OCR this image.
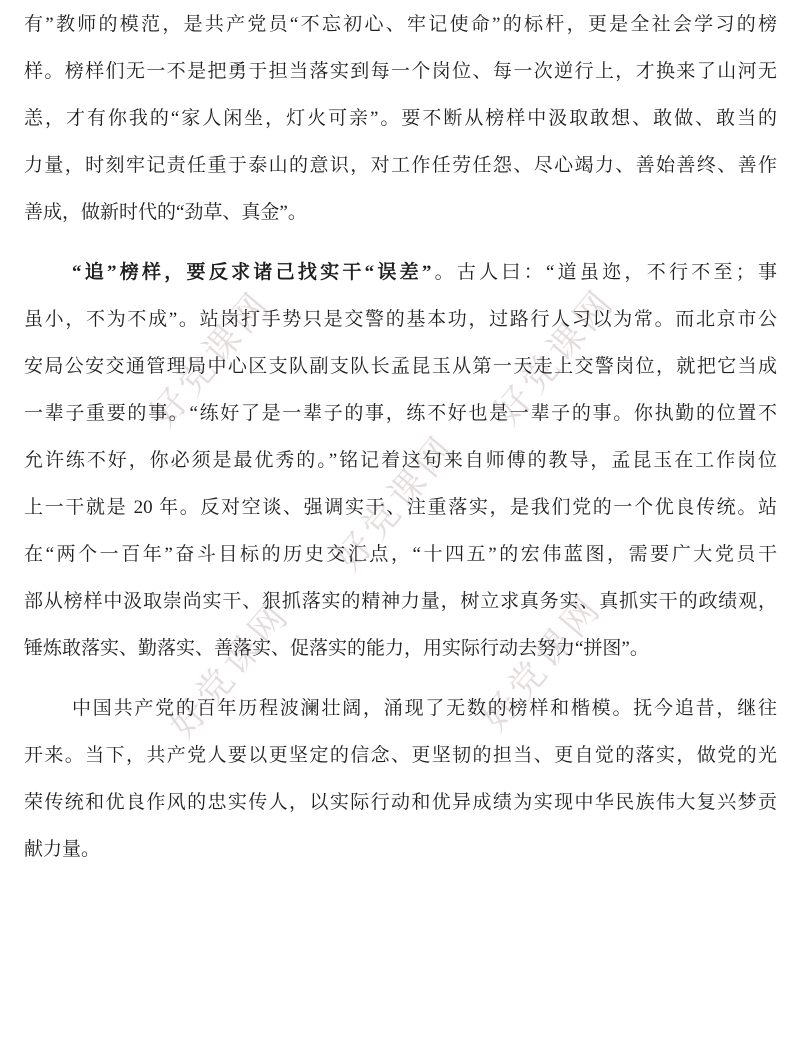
好党课网	好党课网
好党课网
好党课网	好党课网
有”教师的模范，是共产党员“不忘初心、牢记使命”的标杆，更是全社会学习的榜
样。榜样们无一不是把勇于担当落实到每一个岗位、每一次逆行上，才换来了山河无
恙，才有你我的“家人闲坐，灯火可亲”。要不断从榜样中汲取敢想、敢做、敢当的
力量，时刻牢记责任重于泰山的意识，对工作任劳任怨、尽心竭力、善始善终、善作
善成，做新时代的“劲草、真金”。
“追”榜样，要反求诸己找实干“误差”。古人曰：“道虽迩，不行不至；事
虽小，不为不成”。站岗打手势只是交警的基本功，过路行人习以为常。而北京市公
安局公安交通管理局中心区支队副支队长孟昆玉从第一天走上交警岗位，就把它当成
一辈子重要的事。“练好了是一辈子的事，练不好也是一辈子的事。你执勤的位置不
允许练不好，你必须是最优秀的。”铭记着这句来自师傅的教导，孟昆玉在工作岗位
上一干就是 20 年。反对空谈、强调实干、注重落实，是我们党的一个优良传统。站
在“两个一百年”奋斗目标的历史交汇点，“十四五”的宏伟蓝图，需要广大党员干
部从榜样中汲取崇尚实干、狠抓落实的精神力量，树立求真务实、真抓实干的政绩观，
锤炼敢落实、勤落实、善落实、促落实的能力，用实际行动去努力“拼图”。
中国共产党的百年历程波澜壮阔，涌现了无数的榜样和楷模。抚今追昔，继往
开来。当下，共产党人要以更坚定的信念、更坚韧的担当、更自觉的落实，做党的光
荣传统和优良作风的忠实传人，以实际行动和优异成绩为实现中华民族伟大复兴梦贡
献力量。
